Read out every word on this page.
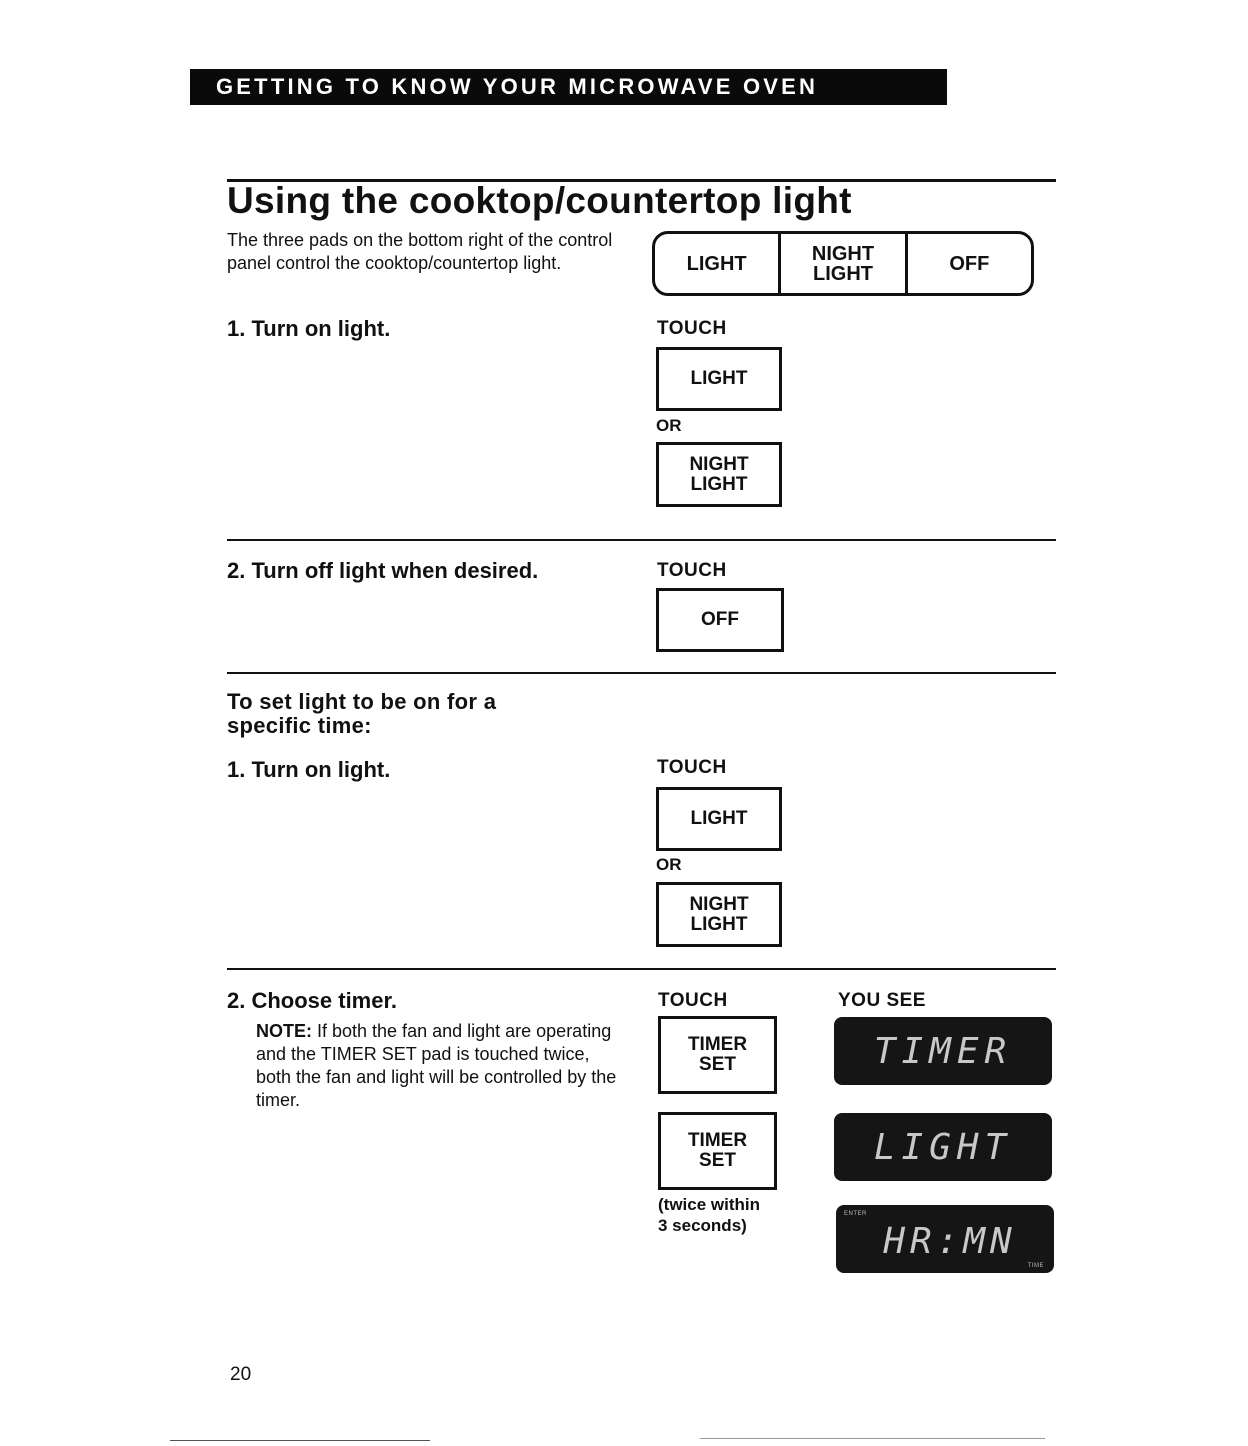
GETTING TO KNOW YOUR MICROWAVE OVEN
Using the cooktop/countertop light
The three pads on the bottom right of the control panel control the cooktop/countertop light.	LIGHT	NIGHT
LIGHT	OFF
1. Turn on light.	TOUCH
LIGHT
OR
NIGHT
LIGHT
2. Turn off light when desired.	TOUCH
OFF
To set light to be on for a
specific time:
1. Turn on light.	TOUCH
LIGHT
OR
NIGHT
LIGHT
2. Choose timer.
NOTE: If both the fan and light are operating and the TIMER SET pad is touched twice, both the fan and light will be controlled by the timer.
TOUCH	YOU SEE
TIMER
SET
TIMER
SET
(twice within
3 seconds)
TIMER
LIGHT
ENTER
HR:MN
TIME
20
